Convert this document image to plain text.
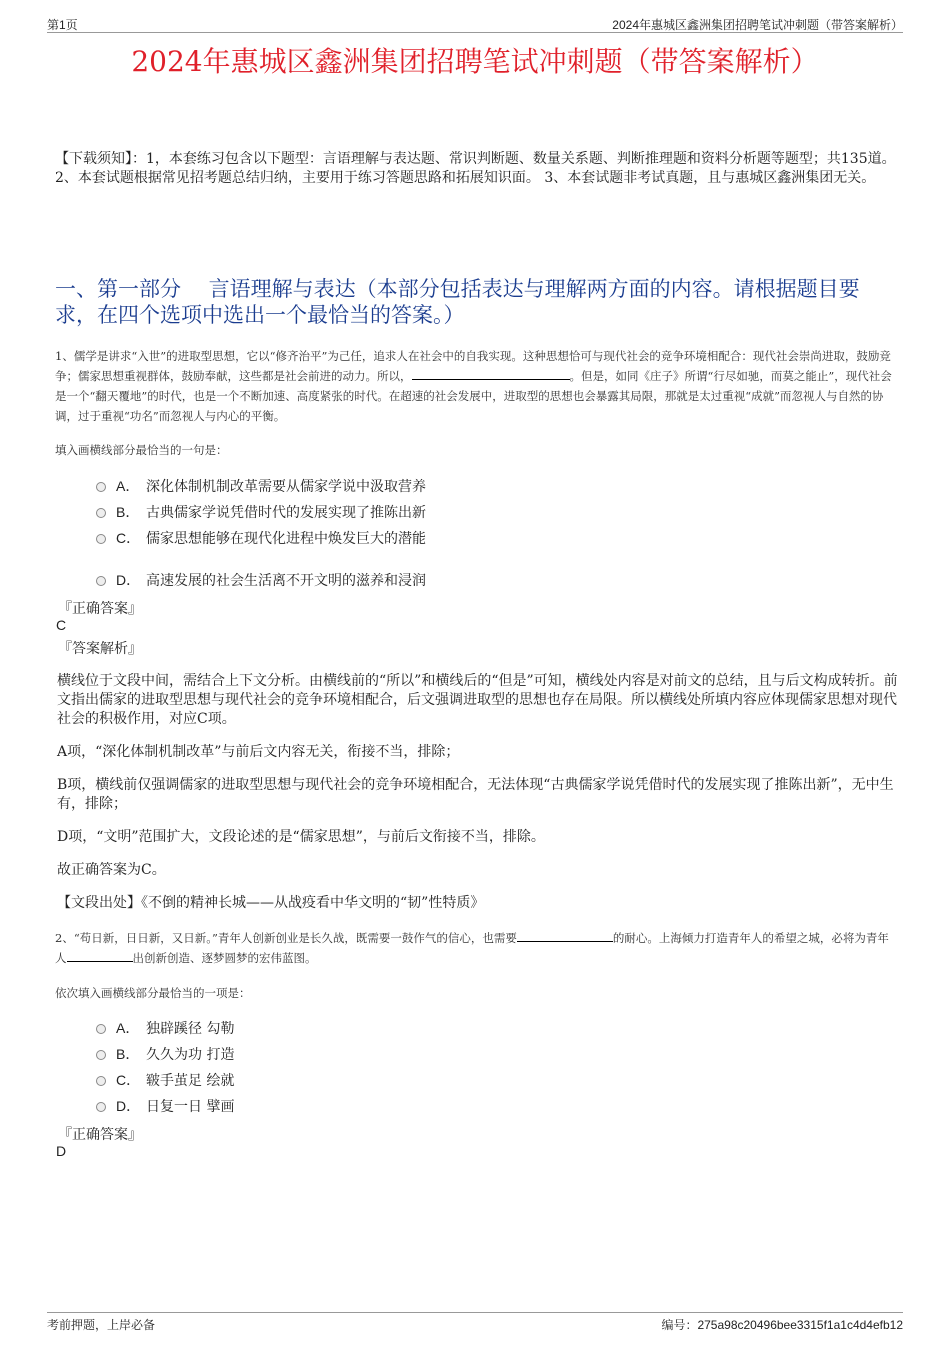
第1页	2024年惠城区鑫洲集团招聘笔试冲刺题（带答案解析）
2024年惠城区鑫洲集团招聘笔试冲刺题（带答案解析）
【下载须知】：1，本套练习包含以下题型：言语理解与表达题、常识判断题、数量关系题、判断推理题和资料分析题等题型；共135道。 2、本套试题根据常见招考题总结归纳，主要用于练习答题思路和拓展知识面。 3、本套试题非考试真题，且与惠城区鑫洲集团无关。
一、第一部分　 言语理解与表达（本部分包括表达与理解两方面的内容。请根据题目要求，在四个选项中选出一个最恰当的答案。）
1、儒学是讲求“入世”的进取型思想，它以“修齐治平”为己任，追求人在社会中的自我实现。这种思想恰可与现代社会的竞争环境相配合：现代社会崇尚进取，鼓励竞争；儒家思想重视群体，鼓励奉献，这些都是社会前进的动力。所以，	。但是，如同《庄子》所谓“行尽如驰，而莫之能止”，现代社会是一个“翻天覆地”的时代，也是一个不断加速、高度紧张的时代。在超速的社会发展中，进取型的思想也会暴露其局限，那就是太过重视“成就”而忽视人与自然的协调，过于重视“功名”而忽视人与内心的平衡。
填入画横线部分最恰当的一句是：
A． 深化体制机制改革需要从儒家学说中汲取营养
B． 古典儒家学说凭借时代的发展实现了推陈出新
C． 儒家思想能够在现代化进程中焕发巨大的潜能
D． 高速发展的社会生活离不开文明的滋养和浸润
『正确答案』
C
『答案解析』
横线位于文段中间，需结合上下文分析。由横线前的“所以”和横线后的“但是”可知，横线处内容是对前文的总结，且与后文构成转折。前文指出儒家的进取型思想与现代社会的竞争环境相配合，后文强调进取型的思想也存在局限。所以横线处所填内容应体现儒家思想对现代社会的积极作用，对应C项。
A项，“深化体制机制改革”与前后文内容无关，衔接不当，排除；
B项，横线前仅强调儒家的进取型思想与现代社会的竞争环境相配合，无法体现“古典儒家学说凭借时代的发展实现了推陈出新”，无中生有，排除；
D项，“文明”范围扩大，文段论述的是“儒家思想”，与前后文衔接不当，排除。
故正确答案为C。
【文段出处】《不倒的精神长城——从战疫看中华文明的“韧”性特质》
2、“苟日新，日日新，又日新。”青年人创新创业是长久战，既需要一鼓作气的信心，也需要	的耐心。上海倾力打造青年人的希望之城，必将为青年人	出创新创造、逐梦圆梦的宏伟蓝图。
依次填入画横线部分最恰当的一项是：
A． 独辟蹊径 勾勒
B． 久久为功 打造
C． 皲手茧足 绘就
D． 日复一日 擘画
『正确答案』
D
考前押题，上岸必备	编号：275a98c20496bee3315f1a1c4d4efb12
